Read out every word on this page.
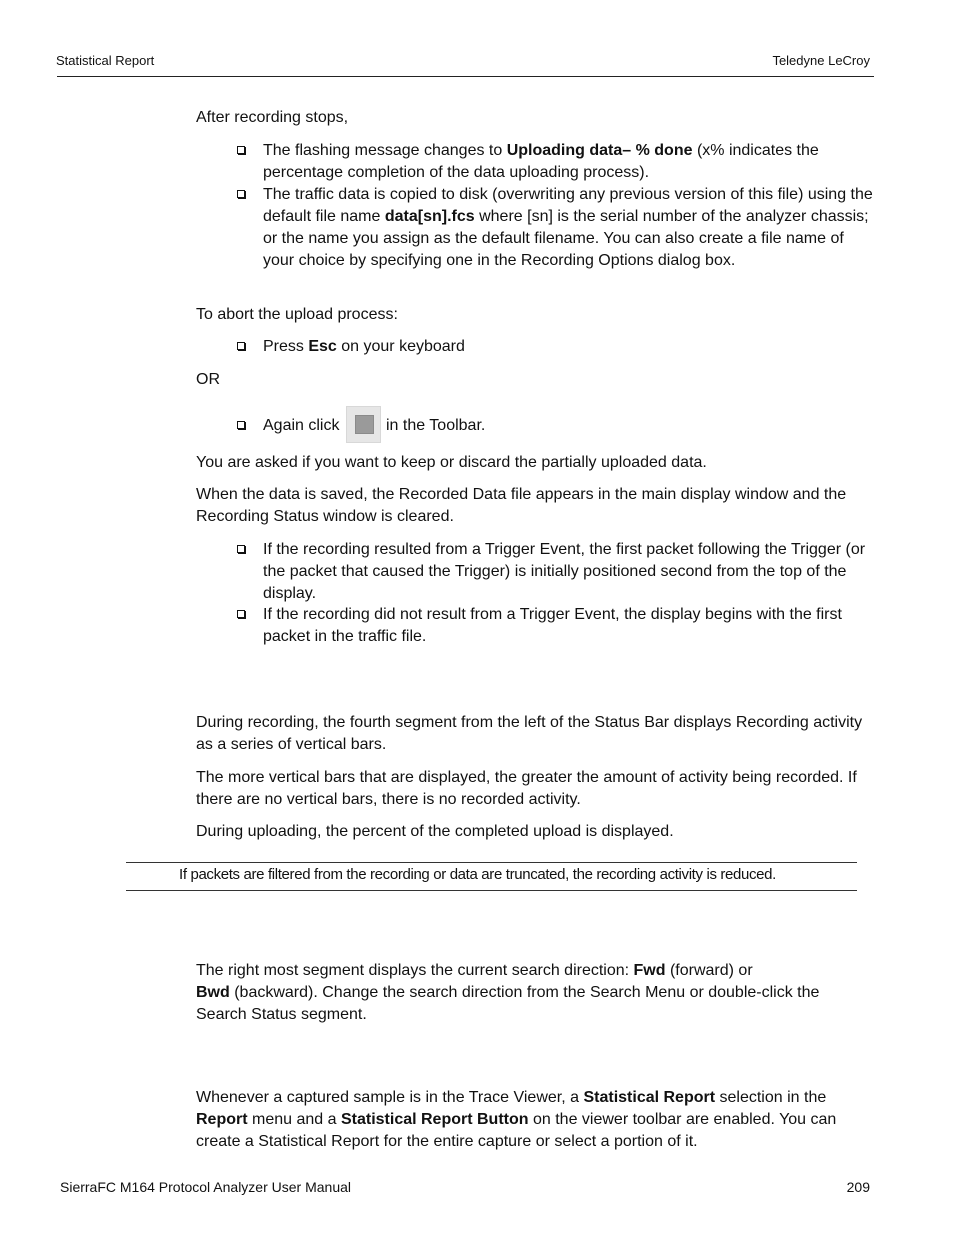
Statistical Report	Teledyne LeCroy
After recording stops,
The flashing message changes to Uploading data– % done (x% indicates the percentage completion of the data uploading process).
The traffic data is copied to disk (overwriting any previous version of this file) using the default file name data[sn].fcs where [sn] is the serial number of the analyzer chassis; or the name you assign as the default filename. You can also create a file name of your choice by specifying one in the Recording Options dialog box.
To abort the upload process:
Press Esc on your keyboard
OR
Again click	in the Toolbar.
You are asked if you want to keep or discard the partially uploaded data.
When the data is saved, the Recorded Data file appears in the main display window and the Recording Status window is cleared.
If the recording resulted from a Trigger Event, the first packet following the Trigger (or the packet that caused the Trigger) is initially positioned second from the top of the display.
If the recording did not result from a Trigger Event, the display begins with the first packet in the traffic file.
During recording, the fourth segment from the left of the Status Bar displays Recording activity as a series of vertical bars.
The more vertical bars that are displayed, the greater the amount of activity being recorded. If there are no vertical bars, there is no recorded activity.
During uploading, the percent of the completed upload is displayed.
If packets are filtered from the recording or data are truncated, the recording activity is reduced.
The right most segment displays the current search direction: Fwd (forward) or
Bwd (backward). Change the search direction from the Search Menu or double-click the Search Status segment.
Whenever a captured sample is in the Trace Viewer, a Statistical Report selection in the Report menu and a Statistical Report Button on the viewer toolbar are enabled. You can create a Statistical Report for the entire capture or select a portion of it.
SierraFC M164 Protocol Analyzer User Manual	209
